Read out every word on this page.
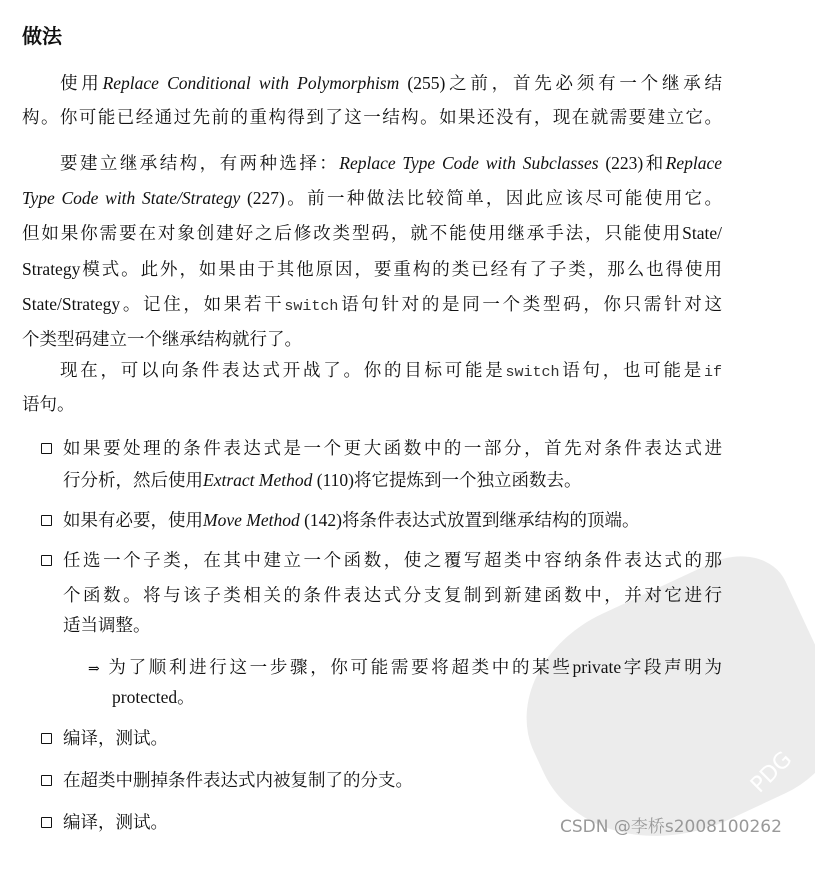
PDG
做法
使用Replace Conditional with Polymorphism (255)之前，首先必须有一个继承结
构。你可能已经通过先前的重构得到了这一结构。如果还没有，现在就需要建立它。
要建立继承结构，有两种选择：Replace Type Code with Subclasses (223)和Replace
Type Code with State/Strategy (227)。前一种做法比较简单，因此应该尽可能使用它。
但如果你需要在对象创建好之后修改类型码，就不能使用继承手法，只能使用State/
Strategy模式。此外，如果由于其他原因，要重构的类已经有了子类，那么也得使用
State/Strategy。记住，如果若干switch语句针对的是同一个类型码，你只需针对这
个类型码建立一个继承结构就行了。
现在，可以向条件表达式开战了。你的目标可能是switch语句，也可能是if
语句。
如果要处理的条件表达式是一个更大函数中的一部分，首先对条件表达式进
行分析，然后使用Extract Method (110)将它提炼到一个独立函数去。
如果有必要，使用Move Method (142)将条件表达式放置到继承结构的顶端。
任选一个子类，在其中建立一个函数，使之覆写超类中容纳条件表达式的那
个函数。将与该子类相关的条件表达式分支复制到新建函数中，并对它进行
适当调整。
⇒ 为了顺利进行这一步骤，你可能需要将超类中的某些private字段声明为
protected。
编译，测试。
在超类中删掉条件表达式内被复制了的分支。
编译，测试。	CSDN @李桥s2008100262
